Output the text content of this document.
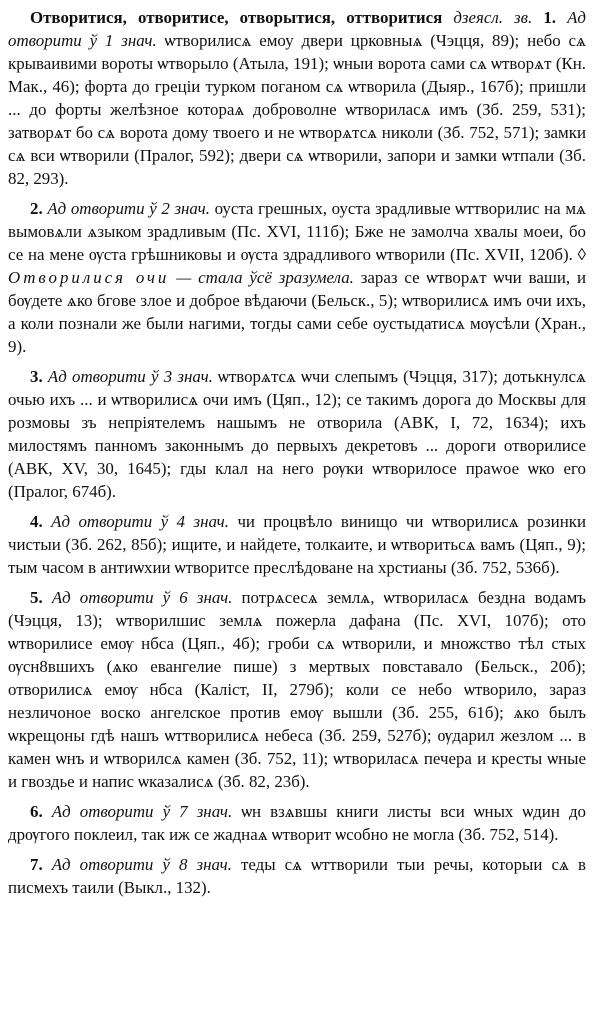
Отворитися, отворитисе, отворытися, оттворитися дзеясл. зв. 1. Ад отворити ў 1 знач. ѡтворилисѧ емоу двери црковныѧ (Чэцця, 89); небо сѧ крываивими вороты ѡтворыло (Атыла, 191); ѡныи ворота сами сѧ ѡтворѧт (Кн. Мак., 46); форта до греціи турком поганом сѧ ѡтворила (Дыяр., 167б); пришли ... до форты желѣзное котораѧ доброволне ѡтвориласѧ имъ (Зб. 259, 531); затворѧт бо сѧ ворота дому твоего и не ѡтворѧтсѧ николи (Зб. 752, 571); замки сѧ вси ѡтворили (Пралог, 592); двери сѧ ѡтворили, запори и замки ѡтпали (Зб. 82, 293).

2. Ад отворити ў 2 знач. оуста грешных, оуста зрадливые ѡттворилис на мѧ вымовѧли ѧзыком зрадливым (Пс. XVI, 111б); Бже не замолча хвалы моеи, бо се на мене ѹста грѣшниковы и ѹста здрадливого ѡтворили (Пс. XVII, 120б). ◊ Отворилися очи — стала ўсё зразумела. зараз се ѡтворѧт ѡчи ваши, и бѹдете ѧко бгове злое и доброе вѣдаючи (Бельск., 5); ѡтворилисѧ имъ очи ихъ, а коли познали же были нагими, тогды сами себе оустыдатисѧ мѹсѣли (Хран., 9).

3. Ад отворити ў 3 знач. ѡтворѧтсѧ ѡчи слепымъ (Чэцця, 317); дотькнулсѧ очью ихъ ... и ѡтворилисѧ очи имъ (Цяп., 12); се такимъ дорога до Москвы для розмовы зъ непрiятелемъ нашымъ не отворила (АВК, I, 72, 1634); ихъ милостямъ панномъ законнымъ до первыхъ декретовъ ... дороги отворилисе (АВК, XV, 30, 1645); гды клал на него рѹки ѡтворилосе праwое ѡко его (Пралог, 674б).

4. Ад отворити ў 4 знач. чи процвѣло винищо чи ѡтворилисѧ розинки чистыи (Зб. 262, 85б); ищите, и найдете, толкаите, и ѡтворитьсѧ вамъ (Цяп., 9); тым часом в антиѡхии ѡтворитсе преслѣдоване на хрстианы (Зб. 752, 536б).

5. Ад отворити ў 6 знач. потрѧсесѧ землѧ, ѡтвориласѧ бездна водамъ (Чэцця, 13); ѡтворилшис землѧ пожерла дафана (Пс. XVI, 107б); ото ѡтворилисе емѹ нбса (Цяп., 4б); гроби сѧ ѡтворили, и множство тѣл стых ѹсн8вшихъ (ѧко евангелие пише) з мертвых повставало (Бельск., 20б); отворилисѧ емѹ нбса (Каліст, II, 279б); коли се небо ѡтворило, зараз незличоное воско ангелское против емѹ вышли (Зб. 255, 61б); ѧко былъ ѡкрещоны гдѣ нашъ ѡттворилисѧ небеса (Зб. 259, 527б); ѹдарил жезлом ... в камен ѡнъ и ѡтворилсѧ камен (Зб. 752, 11); ѡтвориласѧ печера и кресты ѡные и гвоздье и напис ѡказалисѧ (Зб. 82, 23б).

6. Ад отворити ў 7 знач. ѡн взѧвшы книги листы вси ѡных ѡдин до дрѹгого поклеил, так иж се жаднаѧ ѡтворит ѡсобно не могла (Зб. 752, 514).

7. Ад отворити ў 8 знач. теды сѧ ѡттворили тыи речы, которыи сѧ в писмехъ таили (Выкл., 132).
